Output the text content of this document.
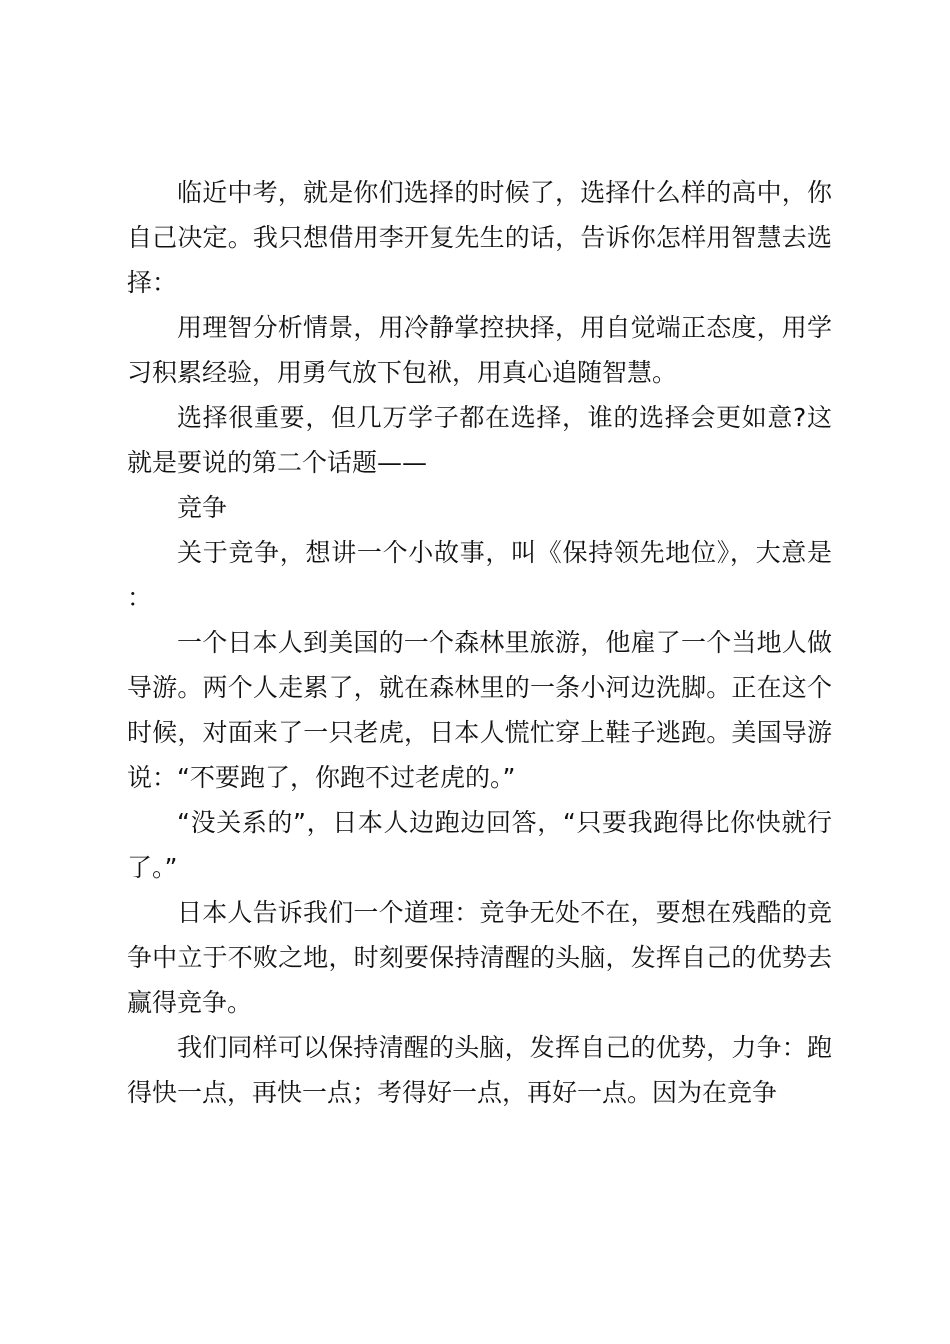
临近中考，就是你们选择的时候了，选择什么样的高中，你自己决定。我只想借用李开复先生的话，告诉你怎样用智慧去选择：

用理智分析情景，用冷静掌控抉择，用自觉端正态度，用学习积累经验，用勇气放下包袱，用真心追随智慧。

选择很重要，但几万学子都在选择，谁的选择会更如意?这就是要说的第二个话题——

竞争

关于竞争，想讲一个小故事，叫《保持领先地位》，大意是：

一个日本人到美国的一个森林里旅游，他雇了一个当地人做导游。两个人走累了，就在森林里的一条小河边洗脚。正在这个时候，对面来了一只老虎，日本人慌忙穿上鞋子逃跑。美国导游说：“不要跑了，你跑不过老虎的。”

“没关系的”，日本人边跑边回答，“只要我跑得比你快就行了。”

日本人告诉我们一个道理：竞争无处不在，要想在残酷的竞争中立于不败之地，时刻要保持清醒的头脑，发挥自己的优势去赢得竞争。

我们同样可以保持清醒的头脑，发挥自己的优势，力争：跑得快一点，再快一点；考得好一点，再好一点。因为在竞争
